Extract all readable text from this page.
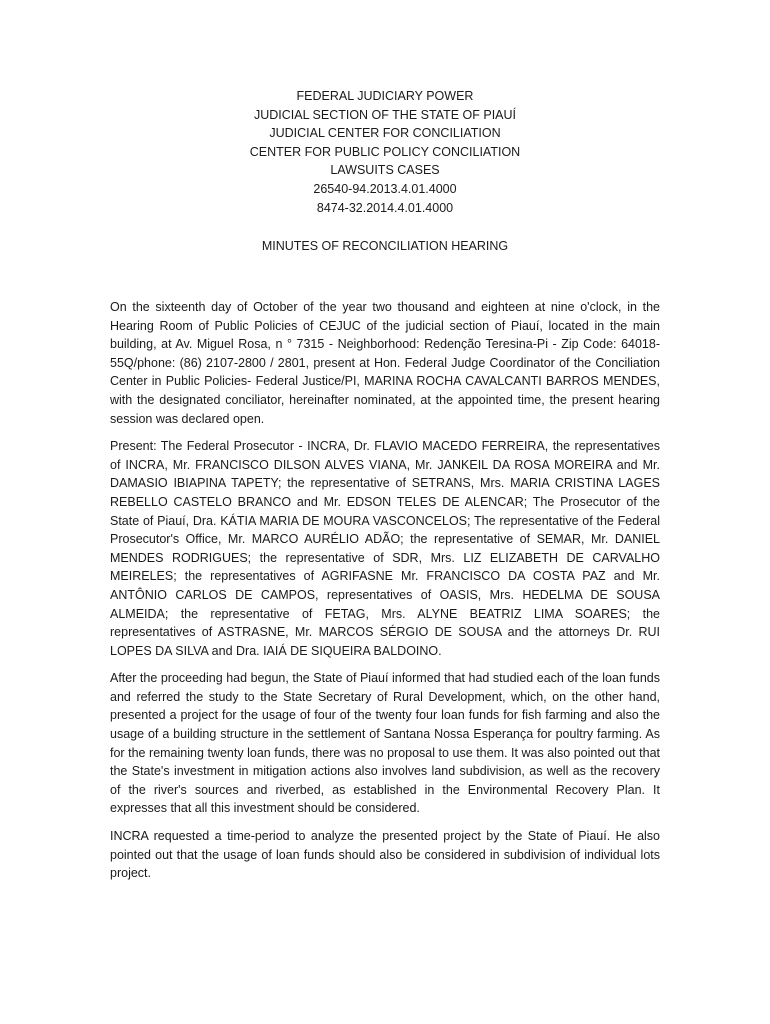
FEDERAL JUDICIARY POWER
JUDICIAL SECTION OF THE STATE OF PIAUÍ
JUDICIAL CENTER FOR CONCILIATION
CENTER FOR PUBLIC POLICY CONCILIATION
LAWSUITS CASES
26540-94.2013.4.01.4000
8474-32.2014.4.01.4000
MINUTES OF RECONCILIATION HEARING

On the sixteenth day of October of the year two thousand and eighteen at nine o'clock, in the Hearing Room of Public Policies of CEJUC of the judicial section of Piauí, located in the main building, at Av. Miguel Rosa, n ° 7315 - Neighborhood: Redenção Teresina-Pi - Zip Code: 64018-55Q/phone: (86) 2107-2800 / 2801, present at Hon. Federal Judge Coordinator of the Conciliation Center in Public Policies- Federal Justice/PI, MARINA ROCHA CAVALCANTI BARROS MENDES, with the designated conciliator, hereinafter nominated, at the appointed time, the present hearing session was declared open.

Present: The Federal Prosecutor - INCRA, Dr. FLAVIO MACEDO FERREIRA, the representatives of INCRA, Mr. FRANCISCO DILSON ALVES VIANA, Mr. JANKEIL DA ROSA MOREIRA and Mr. DAMASIO IBIAPINA TAPETY; the representative of SETRANS, Mrs. MARIA CRISTINA LAGES REBELLO CASTELO BRANCO and Mr. EDSON TELES DE ALENCAR; The Prosecutor of the State of Piauí, Dra. KÁTIA MARIA DE MOURA VASCONCELOS; The representative of the Federal Prosecutor's Office, Mr. MARCO AURÉLIO ADÃO; the representative of SEMAR, Mr. DANIEL MENDES RODRIGUES; the representative of SDR, Mrs. LIZ ELIZABETH DE CARVALHO MEIRELES; the representatives of AGRIFASNE Mr. FRANCISCO DA COSTA PAZ and Mr. ANTÔNIO CARLOS DE CAMPOS, representatives of OASIS, Mrs. HEDELMA DE SOUSA ALMEIDA; the representative of FETAG, Mrs. ALYNE BEATRIZ LIMA SOARES; the representatives of ASTRASNE, Mr. MARCOS SÉRGIO DE SOUSA and the attorneys Dr. RUI LOPES DA SILVA and Dra. IAIÁ DE SIQUEIRA BALDOINO.

After the proceeding had begun, the State of Piauí informed that had studied each of the loan funds and referred the study to the State Secretary of Rural Development, which, on the other hand, presented a project for the usage of four of the twenty four loan funds for fish farming and also the usage of a building structure in the settlement of Santana Nossa Esperança for poultry farming. As for the remaining twenty loan funds, there was no proposal to use them. It was also pointed out that the State's investment in mitigation actions also involves land subdivision, as well as the recovery of the river's sources and riverbed, as established in the Environmental Recovery Plan. It expresses that all this investment should be considered.

INCRA requested a time-period to analyze the presented project by the State of Piauí. He also pointed out that the usage of loan funds should also be considered in subdivision of individual lots project.
